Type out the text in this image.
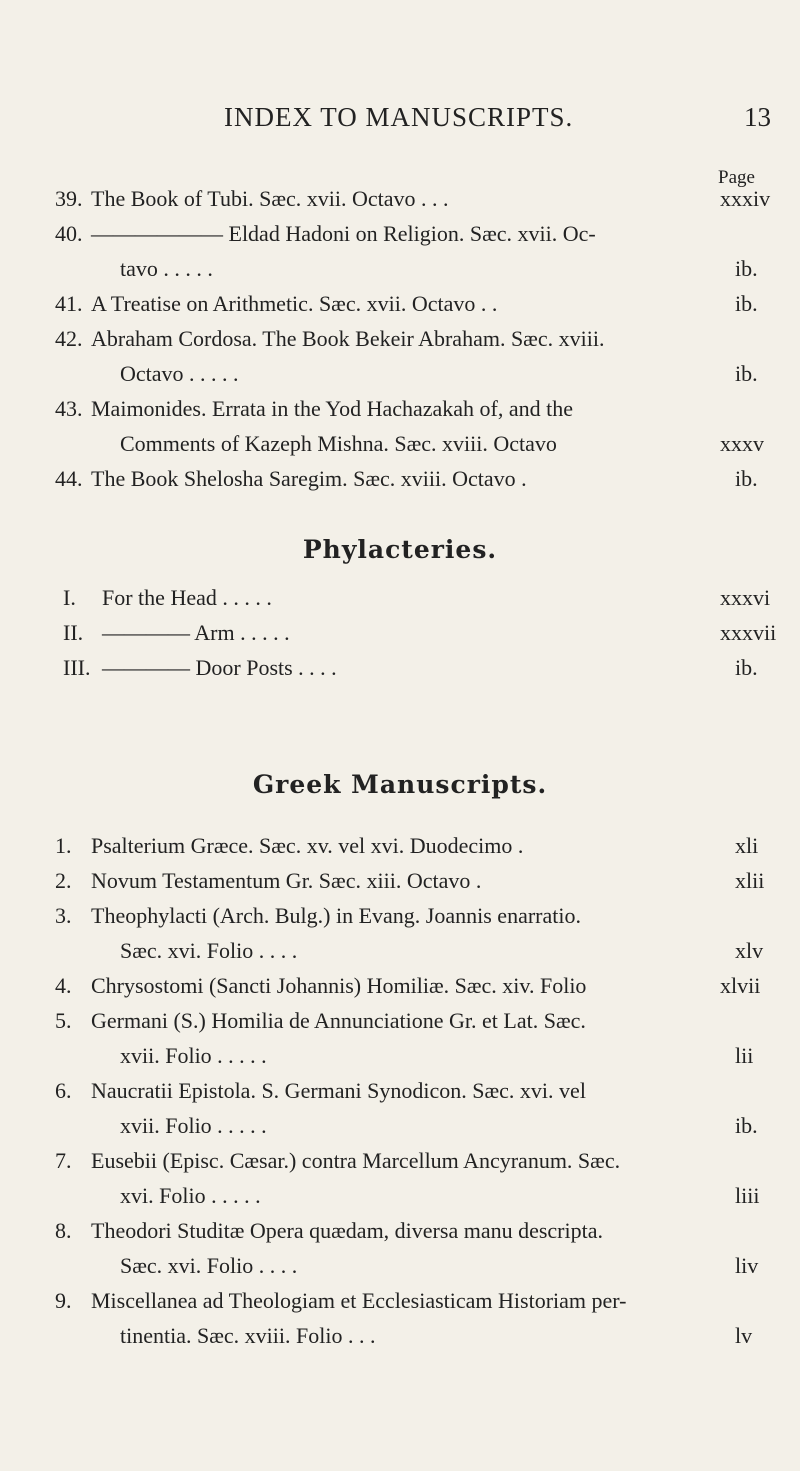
INDEX TO MANUSCRIPTS.	13
Page
39. The Book of Tubi. Sæc. xvii. Octavo . . .	xxxiv
40. —————— Eldad Hadoni on Religion. Sæc. xvii. Oc-
tavo . . . . .	ib.
41. A Treatise on Arithmetic. Sæc. xvii. Octavo . .	ib.
42. Abraham Cordosa. The Book Bekeir Abraham. Sæc. xviii.
Octavo . . . . .	ib.
43. Maimonides. Errata in the Yod Hachazakah of, and the
Comments of Kazeph Mishna. Sæc. xviii. Octavo	xxxv
44. The Book Shelosha Saregim. Sæc. xviii. Octavo .	ib.
Phylacteries.
I. For the Head . . . . .	xxxvi
II. ———— Arm . . . . .	xxxvii
III. ———— Door Posts . . . .	ib.
Greek Manuscripts.
1. Psalterium Græce. Sæc. xv. vel xvi. Duodecimo .	xli
2. Novum Testamentum Gr. Sæc. xiii. Octavo .	xlii
3. Theophylacti (Arch. Bulg.) in Evang. Joannis enarratio.
Sæc. xvi. Folio . . . .	xlv
4. Chrysostomi (Sancti Johannis) Homiliæ. Sæc. xiv. Folio	xlvii
5. Germani (S.) Homilia de Annunciatione Gr. et Lat. Sæc.
xvii. Folio . . . . .	lii
6. Naucratii Epistola. S. Germani Synodicon. Sæc. xvi. vel
xvii. Folio . . . . .	ib.
7. Eusebii (Episc. Cæsar.) contra Marcellum Ancyranum. Sæc.
xvi. Folio . . . . .	liii
8. Theodori Studitæ Opera quædam, diversa manu descripta.
Sæc. xvi. Folio . . . .	liv
9. Miscellanea ad Theologiam et Ecclesiasticam Historiam per-
tinentia. Sæc. xviii. Folio . . .	lv
